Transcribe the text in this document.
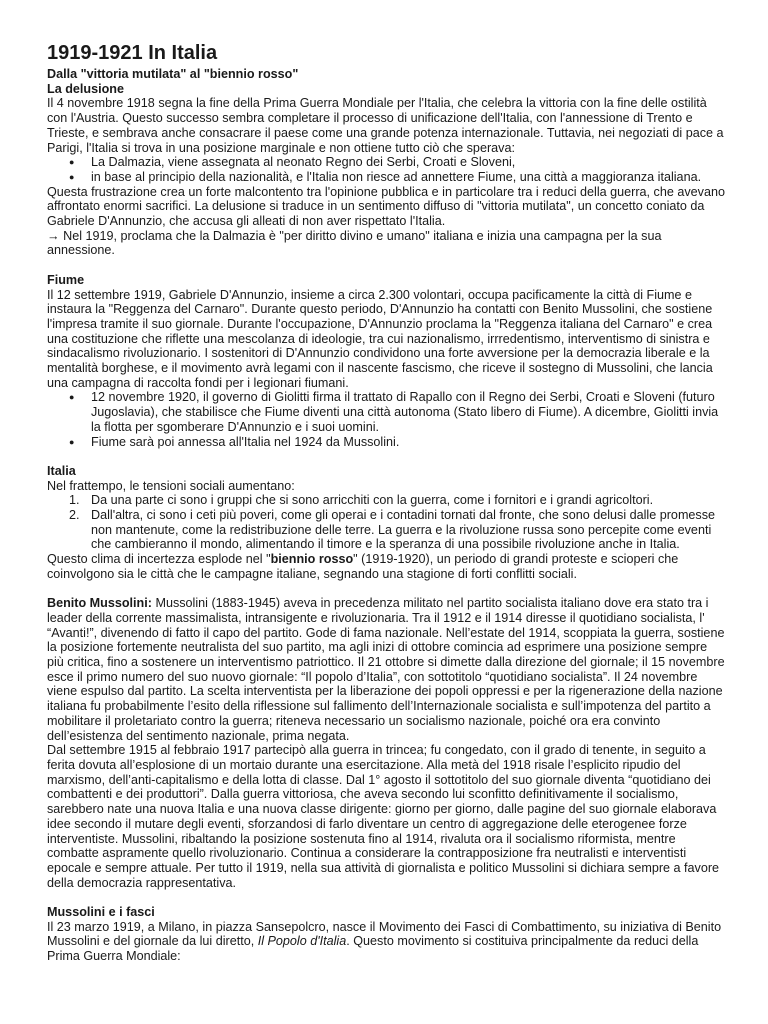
1919-1921 In Italia

Dalla "vittoria mutilata" al "biennio rosso"

La delusione

Il 4 novembre 1918 segna la fine della Prima Guerra Mondiale per l'Italia, che celebra la vittoria con la fine delle ostilità con l'Austria. Questo successo sembra completare il processo di unificazione dell'Italia, con l'annessione di Trento e Trieste, e sembrava anche consacrare il paese come una grande potenza internazionale. Tuttavia, nei negoziati di pace a Parigi, l'Italia si trova in una posizione marginale e non ottiene tutto ciò che sperava:

● La Dalmazia, viene assegnata al neonato Regno dei Serbi, Croati e Sloveni,
● in base al principio della nazionalità, e l'Italia non riesce ad annettere Fiume, una città a maggioranza italiana.

Questa frustrazione crea un forte malcontento tra l'opinione pubblica e in particolare tra i reduci della guerra, che avevano affrontato enormi sacrifici. La delusione si traduce in un sentimento diffuso di "vittoria mutilata", un concetto coniato da Gabriele D'Annunzio, che accusa gli alleati di non aver rispettato l'Italia.

→ Nel 1919, proclama che la Dalmazia è "per diritto divino e umano" italiana e inizia una campagna per la sua annessione.

Fiume

Il 12 settembre 1919, Gabriele D'Annunzio, insieme a circa 2.300 volontari, occupa pacificamente la città di Fiume e instaura la "Reggenza del Carnaro". Durante questo periodo, D'Annunzio ha contatti con Benito Mussolini, che sostiene l'impresa tramite il suo giornale. Durante l'occupazione, D'Annunzio proclama la "Reggenza italiana del Carnaro" e crea una costituzione che riflette una mescolanza di ideologie, tra cui nazionalismo, irrredentismo, interventismo di sinistra e sindacalismo rivoluzionario. I sostenitori di D'Annunzio condividono una forte avversione per la democrazia liberale e la mentalità borghese, e il movimento avrà legami con il nascente fascismo, che riceve il sostegno di Mussolini, che lancia una campagna di raccolta fondi per i legionari fiumani.

● 12 novembre 1920, il governo di Giolitti firma il trattato di Rapallo con il Regno dei Serbi, Croati e Sloveni (futuro Jugoslavia), che stabilisce che Fiume diventi una città autonoma (Stato libero di Fiume). A dicembre, Giolitti invia la flotta per sgomberare D'Annunzio e i suoi uomini.
● Fiume sarà poi annessa all'Italia nel 1924 da Mussolini.

Italia

Nel frattempo, le tensioni sociali aumentano:

1. Da una parte ci sono i gruppi che si sono arricchiti con la guerra, come i fornitori e i grandi agricoltori.
2. Dall'altra, ci sono i ceti più poveri, come gli operai e i contadini tornati dal fronte, che sono delusi dalle promesse non mantenute, come la redistribuzione delle terre. La guerra e la rivoluzione russa sono percepite come eventi che cambieranno il mondo, alimentando il timore e la speranza di una possibile rivoluzione anche in Italia.

Questo clima di incertezza esplode nel "biennio rosso" (1919-1920), un periodo di grandi proteste e scioperi che coinvolgono sia le città che le campagne italiane, segnando una stagione di forti conflitti sociali.

Benito Mussolini: Mussolini (1883-1945) aveva in precedenza militato nel partito socialista italiano dove era stato tra i leader della corrente massimalista, intransigente e rivoluzionaria. Tra il 1912 e il 1914 diresse il quotidiano socialista, l' “Avanti!”, divenendo di fatto il capo del partito. Gode di fama nazionale. Nell’estate del 1914, scoppiata la guerra, sostiene la posizione fortemente neutralista del suo partito, ma agli inizi di ottobre comincia ad esprimere una posizione sempre più critica, fino a sostenere un interventismo patriottico. Il 21 ottobre si dimette dalla direzione del giornale; il 15 novembre esce il primo numero del suo nuovo giornale: “Il popolo d’Italia”, con sottotitolo “quotidiano socialista”. Il 24 novembre viene espulso dal partito. La scelta interventista per la liberazione dei popoli oppressi e per la rigenerazione della nazione italiana fu probabilmente l’esito della riflessione sul fallimento dell’Internazionale socialista e sull’impotenza del partito a mobilitare il proletariato contro la guerra; riteneva necessario un socialismo nazionale, poiché ora era convinto dell’esistenza del sentimento nazionale, prima negata.

Dal settembre 1915 al febbraio 1917 partecipò alla guerra in trincea; fu congedato, con il grado di tenente, in seguito a ferita dovuta all’esplosione di un mortaio durante una esercitazione. Alla metà del 1918 risale l’esplicito ripudio del marxismo, dell’anti-capitalismo e della lotta di classe. Dal 1° agosto il sottotitolo del suo giornale diventa “quotidiano dei combattenti e dei produttori”. Dalla guerra vittoriosa, che aveva secondo lui sconfitto definitivamente il socialismo, sarebbero nate una nuova Italia e una nuova classe dirigente: giorno per giorno, dalle pagine del suo giornale elaborava idee secondo il mutare degli eventi, sforzandosi di farlo diventare un centro di aggregazione delle eterogenee forze interventiste. Mussolini, ribaltando la posizione sostenuta fino al 1914, rivaluta ora il socialismo riformista, mentre combatte aspramente quello rivoluzionario. Continua a considerare la contrapposizione fra neutralisti e interventisti epocale e sempre attuale. Per tutto il 1919, nella sua attività di giornalista e politico Mussolini si dichiara sempre a favore della democrazia rappresentativa.

Mussolini e i fasci

Il 23 marzo 1919, a Milano, in piazza Sansepolcro, nasce il Movimento dei Fasci di Combattimento, su iniziativa di Benito Mussolini e del giornale da lui diretto, Il Popolo d'Italia. Questo movimento si costituiva principalmente da reduci della Prima Guerra Mondiale:
